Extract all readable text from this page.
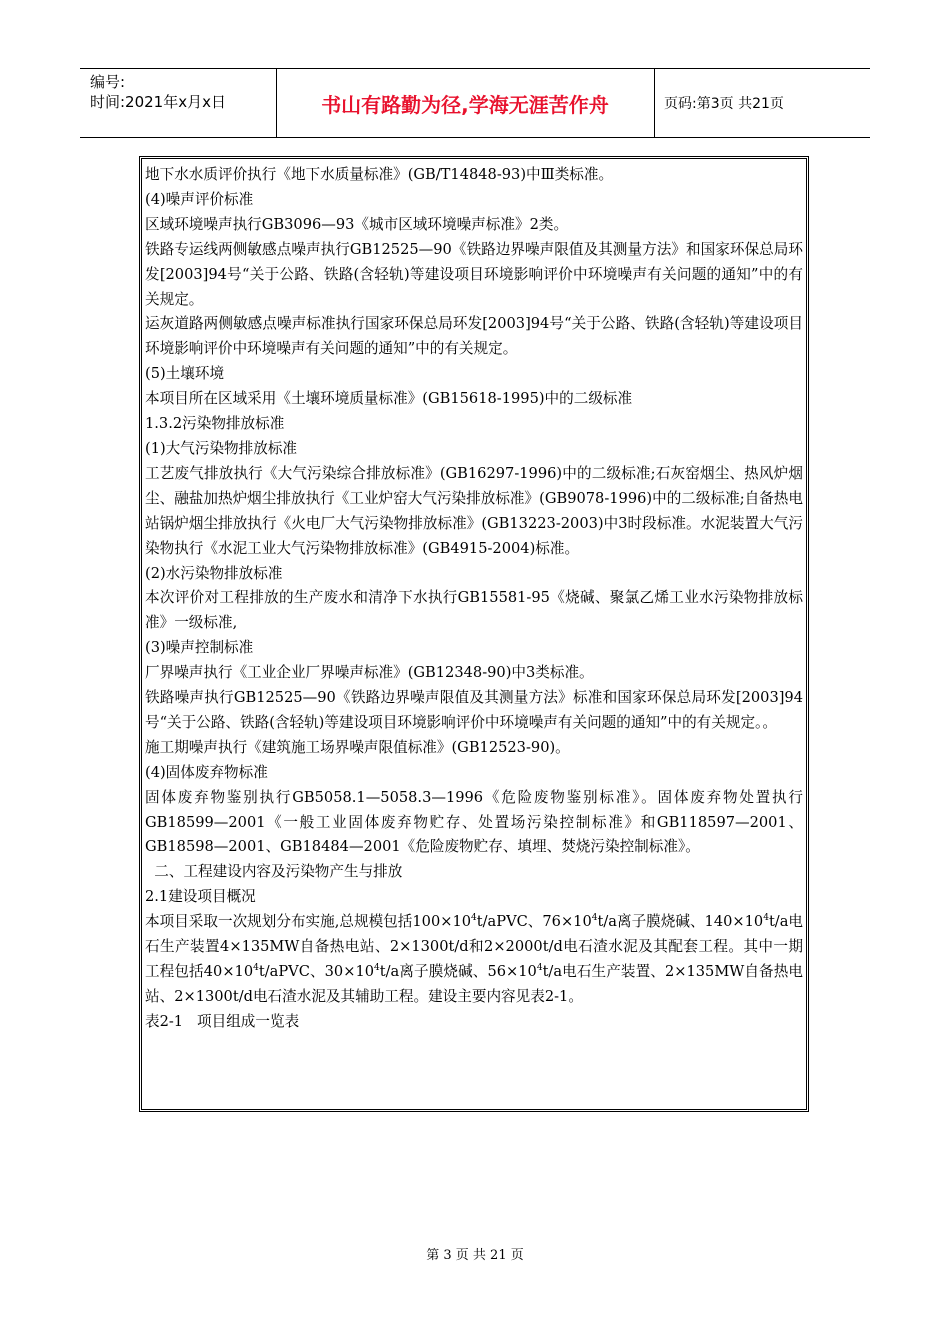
编号:
时间:2021年x月x日	书山有路勤为径,学海无涯苦作舟	页码:第3页 共21页

地下水水质评价执行《地下水质量标准》(GB/T14848-93)中Ⅲ类标准。

(4)噪声评价标准

区域环境噪声执行GB3096—93《城市区域环境噪声标准》2类。

铁路专运线两侧敏感点噪声执行GB12525—90《铁路边界噪声限值及其测量方法》和国家环保总局环发[2003]94号“关于公路、铁路(含轻轨)等建设项目环境影响评价中环境噪声有关问题的通知”中的有关规定。

运灰道路两侧敏感点噪声标准执行国家环保总局环发[2003]94号“关于公路、铁路(含轻轨)等建设项目环境影响评价中环境噪声有关问题的通知”中的有关规定。

(5)土壤环境

本项目所在区域采用《土壤环境质量标准》(GB15618-1995)中的二级标准

1.3.2污染物排放标准

(1)大气污染物排放标准

工艺废气排放执行《大气污染综合排放标准》(GB16297-1996)中的二级标准;石灰窑烟尘、热风炉烟尘、融盐加热炉烟尘排放执行《工业炉窑大气污染排放标准》(GB9078-1996)中的二级标准;自备热电站锅炉烟尘排放执行《火电厂大气污染物排放标准》(GB13223-2003)中3时段标准。水泥装置大气污染物执行《水泥工业大气污染物排放标准》(GB4915-2004)标准。

(2)水污染物排放标准

本次评价对工程排放的生产废水和清净下水执行GB15581-95《烧碱、聚氯乙烯工业水污染物排放标准》一级标准,

(3)噪声控制标准

厂界噪声执行《工业企业厂界噪声标准》(GB12348-90)中3类标准。

铁路噪声执行GB12525—90《铁路边界噪声限值及其测量方法》标准和国家环保总局环发[2003]94号“关于公路、铁路(含轻轨)等建设项目环境影响评价中环境噪声有关问题的通知”中的有关规定。。

施工期噪声执行《建筑施工场界噪声限值标准》(GB12523-90)。

(4)固体废弃物标准

固体废弃物鉴别执行GB5058.1—5058.3—1996《危险废物鉴别标准》。固体废弃物处置执行GB18599—2001《一般工业固体废弃物贮存、处置场污染控制标准》和GB118597—2001、GB18598—2001、GB18484—2001《危险废物贮存、填埋、焚烧污染控制标准》。

二、工程建设内容及污染物产生与排放

2.1建设项目概况

本项目采取一次规划分布实施,总规模包括$100\times 10^4t$/aPVC、$76\times 10^4t/a$离子膜烧碱、$140\times 10^4t/a$电石生产装置4×135MW自备热电站、2×1300t/d和2×2000t/d电石渣水泥及其配套工程。其中一期工程包括$40\times 10^4t$/aPVC、$30\times 10^4t/a$离子膜烧碱、$56\times 10^4t/a$电石生产装置、2×135MW自备热电站、2×1300t/d电石渣水泥及其辅助工程。建设主要内容见表2-1。

表2-1   项目组成一览表

第 3 页 共 21 页
